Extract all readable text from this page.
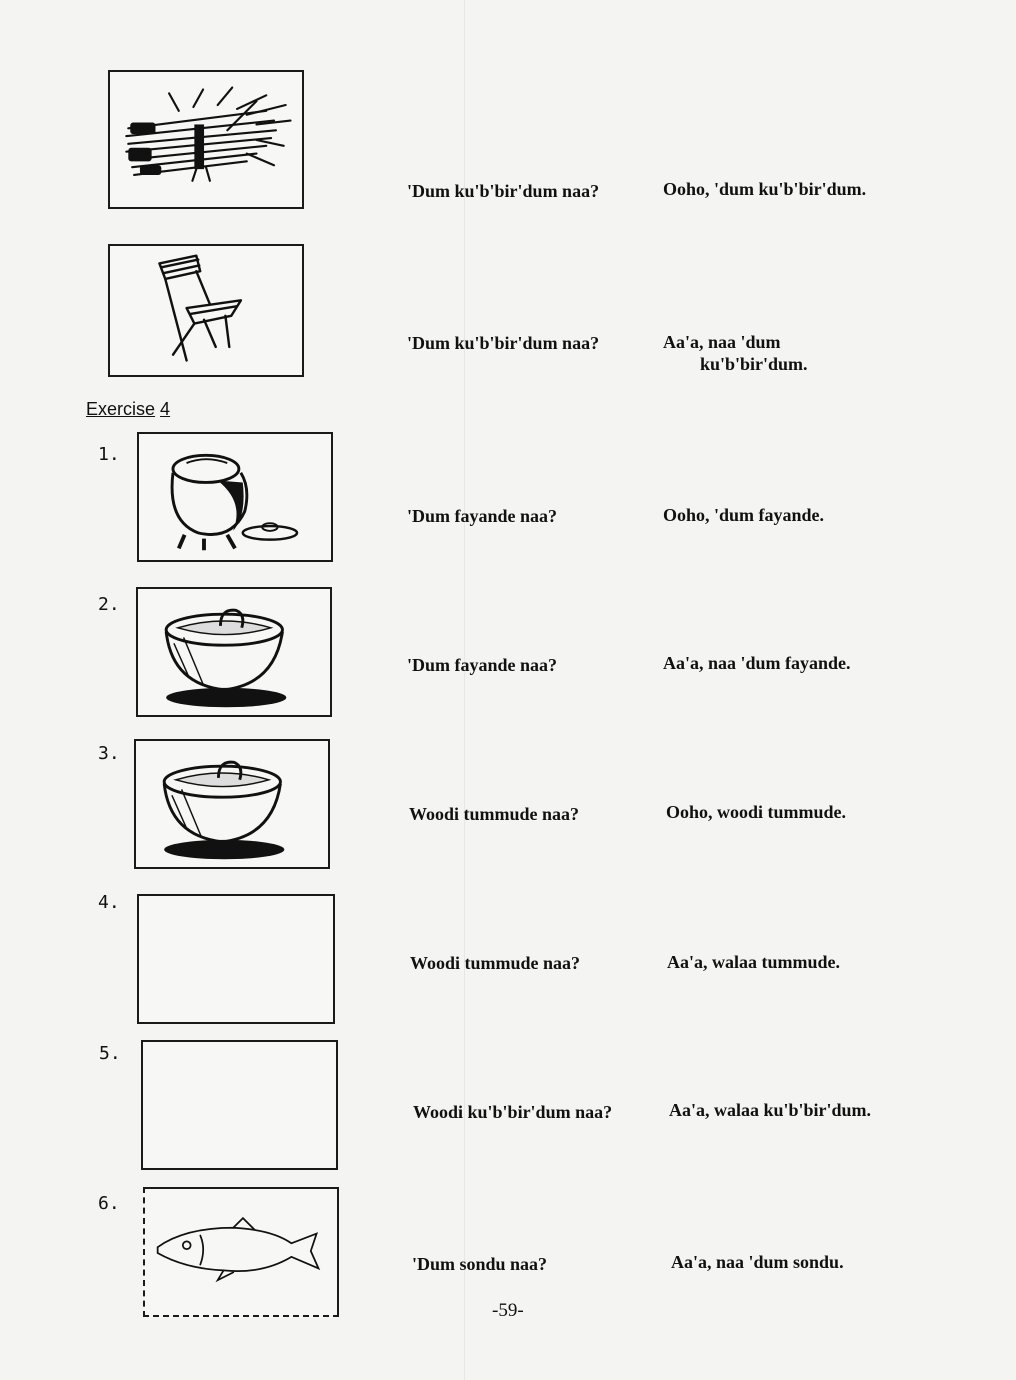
'Dum ku'b'bir'dum naa?	Ooho, 'dum ku'b'bir'dum.
'Dum ku'b'bir'dum naa?	Aa'a, naa 'dum
ku'b'bir'dum.
Exercise 4
1.
'Dum fayande naa?	Ooho, 'dum fayande.
2.
'Dum fayande naa?	Aa'a, naa 'dum fayande.
3.
Woodi tummude naa?	Ooho, woodi tummude.
4.
Woodi tummude naa?	Aa'a, walaa tummude.
5.
Woodi ku'b'bir'dum naa?	Aa'a, walaa ku'b'bir'dum.
6.
'Dum sondu naa?	Aa'a, naa 'dum sondu.
-59-
